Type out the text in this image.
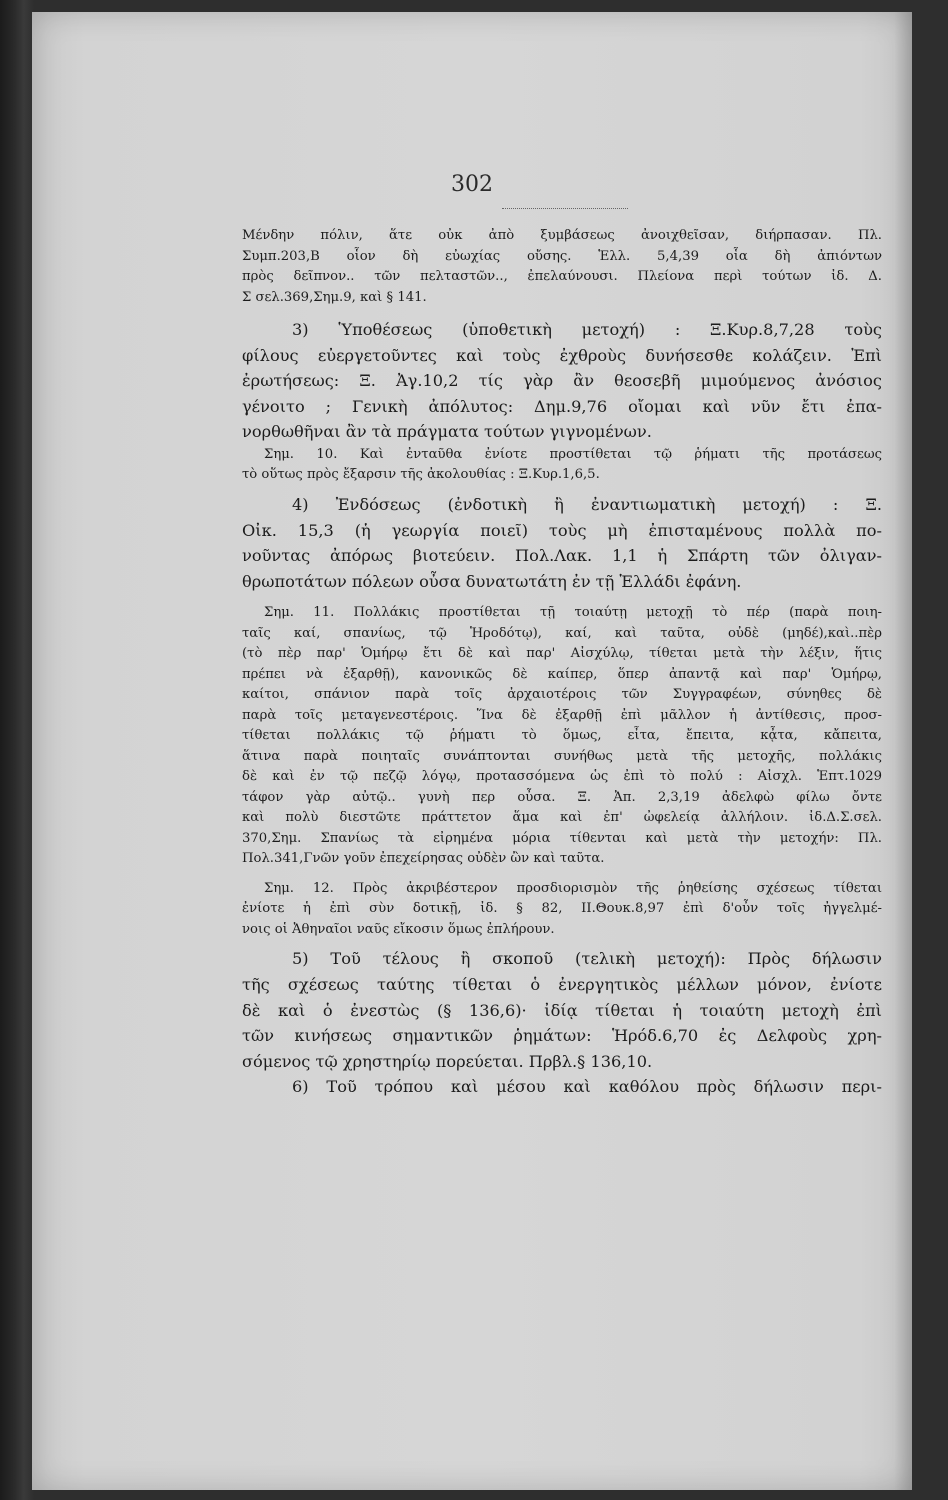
302

Μένδην πόλιν, ἅτε οὐκ ἀπὸ ξυμβάσεως ἀνοιχθεῖσαν, διήρπασαν. Πλ.

Συμπ.203,Β οἷον δὴ εὐωχίας οὔσης. Ἑλλ. 5,4,39 οἷα δὴ ἀπιόντων

πρὸς δεῖπνον.. τῶν πελταστῶν.., ἐπελαύνουσι. Πλείονα περὶ τούτων ἰδ. Δ.

Σ σελ.369,Σημ.9, καὶ § 141.

3) Ὑποθέσεως (ὑποθετικὴ μετοχή) : Ξ.Κυρ.8,7,28 τοὺς

φίλους εὐεργετοῦντες καὶ τοὺς ἐχθροὺς δυνήσεσθε κολάζειν. Ἐπὶ

ἐρωτήσεως: Ξ. Ἀγ.10,2 τίς γὰρ ἂν θεοσεβῆ μιμούμενος ἀνόσιος

γένοιτο ; Γενικὴ ἀπόλυτος: Δημ.9,76 οἴομαι καὶ νῦν ἔτι ἐπα-

νορθωθῆναι ἂν τὰ πράγματα τούτων γιγνομένων.

Σημ. 10. Καὶ ἐνταῦθα ἐνίοτε προστίθεται τῷ ῥήματι τῆς προτάσεως

τὸ οὕτως πρὸς ἔξαρσιν τῆς ἀκολουθίας : Ξ.Κυρ.1,6,5.

4) Ἐνδόσεως (ἐνδοτικὴ ἢ ἐναντιωματικὴ μετοχή) : Ξ.

Οἰκ. 15,3 (ἡ γεωργία ποιεῖ) τοὺς μὴ ἐπισταμένους πολλὰ πο-

νοῦντας ἀπόρως βιοτεύειν. Πολ.Λακ. 1,1 ἡ Σπάρτη τῶν ὀλιγαν-

θρωποτάτων πόλεων οὖσα δυνατωτάτη ἐν τῇ Ἑλλάδι ἐφάνη.

Σημ. 11. Πολλάκις προστίθεται τῇ τοιαύτῃ μετοχῇ τὸ πέρ (παρὰ ποιη-

ταῖς καί, σπανίως, τῷ Ἡροδότῳ), καί, καὶ ταῦτα, οὐδὲ (μηδέ),καὶ..πὲρ

(τὸ πὲρ παρ' Ὁμήρῳ ἔτι δὲ καὶ παρ' Αἰσχύλῳ, τίθεται μετὰ τὴν λέξιν, ἥτις

πρέπει νὰ ἐξαρθῇ), κανονικῶς δὲ καίπερ, ὅπερ ἀπαντᾷ καὶ παρ' Ὁμήρῳ,

καίτοι, σπάνιον παρὰ τοῖς ἀρχαιοτέροις τῶν Συγγραφέων, σύνηθες δὲ

παρὰ τοῖς μεταγενεστέροις. Ἵνα δὲ ἐξαρθῇ ἐπὶ μᾶλλον ἡ ἀντίθεσις, προσ-

τίθεται πολλάκις τῷ ῥήματι τὸ ὅμως, εἶτα, ἔπειτα, κᾆτα, κἄπειτα,

ἅτινα παρὰ ποιηταῖς συνάπτονται συνήθως μετὰ τῆς μετοχῆς, πολλάκις

δὲ καὶ ἐν τῷ πεζῷ λόγῳ, προτασσόμενα ὡς ἐπὶ τὸ πολύ : Αἰσχλ. Ἑπτ.1029

τάφον γὰρ αὐτῷ.. γυνὴ περ οὖσα. Ξ. Ἀπ. 2,3,19 ἀδελφὼ φίλω ὄντε

καὶ πολὺ διεστῶτε πράττετον ἅμα καὶ ἐπ' ὠφελείᾳ ἀλλήλοιν. ἰδ.Δ.Σ.σελ.

370,Σημ. Σπανίως τὰ εἰρημένα μόρια τίθενται καὶ μετὰ τὴν μετοχήν: Πλ.

Πολ.341,Γνῶν γοῦν ἐπεχείρησας οὐδὲν ὢν καὶ ταῦτα.

Σημ. 12. Πρὸς ἀκριβέστερον προσδιορισμὸν τῆς ῥηθείσης σχέσεως τίθεται

ἐνίοτε ἡ ἐπὶ σὺν δοτικῇ, ἰδ. § 82, ΙΙ.Θουκ.8,97 ἐπὶ δ'οὖν τοῖς ἠγγελμέ-

νοις οἱ Ἀθηναῖοι ναῦς εἴκοσιν ὅμως ἐπλήρουν.

5) Τοῦ τέλους ἢ σκοποῦ (τελικὴ μετοχή): Πρὸς δήλωσιν

τῆς σχέσεως ταύτης τίθεται ὁ ἐνεργητικὸς μέλλων μόνον, ἐνίοτε

δὲ καὶ ὁ ἐνεστὼς (§ 136,6)· ἰδίᾳ τίθεται ἡ τοιαύτη μετοχὴ ἐπὶ

τῶν κινήσεως σημαντικῶν ῥημάτων: Ἡρόδ.6,70 ἐς Δελφοὺς χρη-

σόμενος τῷ χρηστηρίῳ πορεύεται. Πρβλ.§ 136,10.

6) Τοῦ τρόπου καὶ μέσου καὶ καθόλου πρὸς δήλωσιν περι-
